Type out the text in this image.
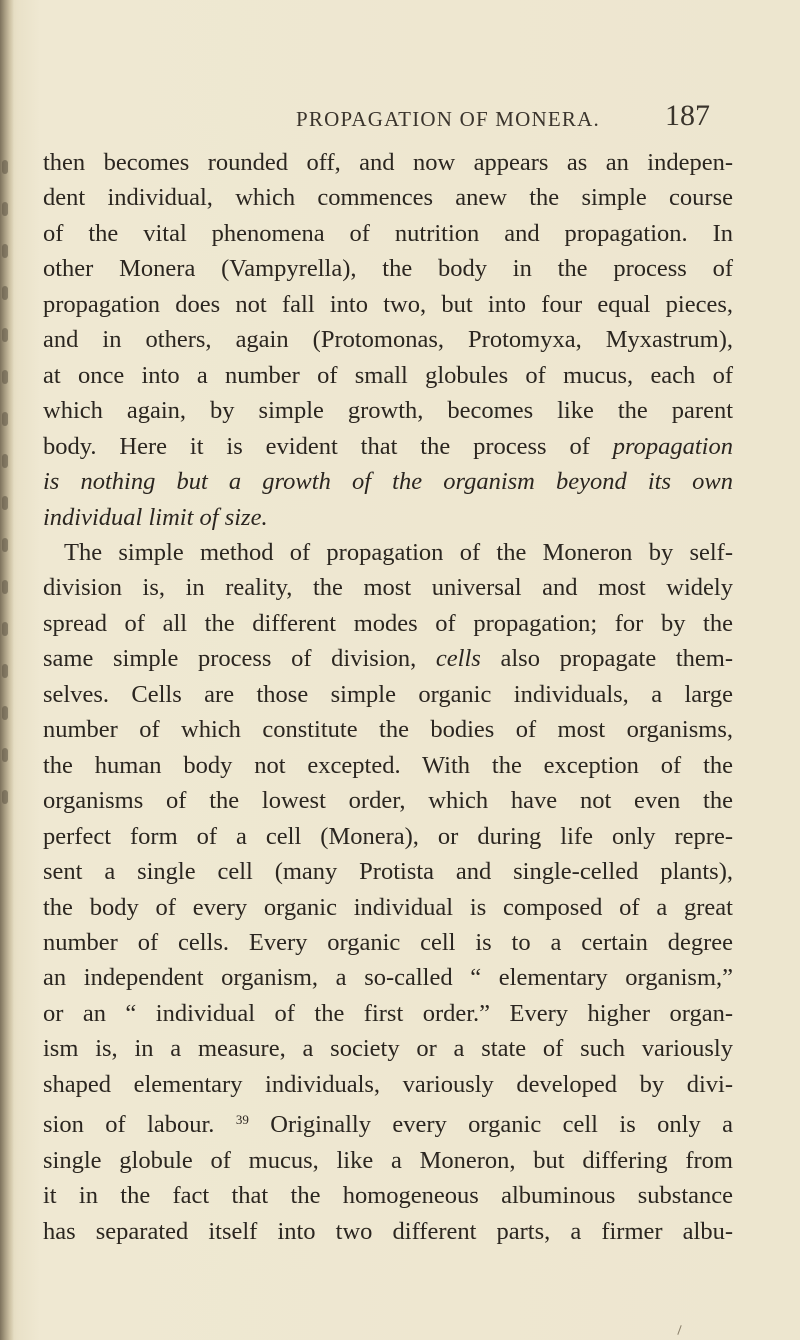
PROPAGATION OF MONERA. 187
then becomes rounded off, and now appears as an indepen-
dent individual, which commences anew the simple course
of the vital phenomena of nutrition and propagation. In
other Monera (Vampyrella), the body in the process of
propagation does not fall into two, but into four equal pieces,
and in others, again (Protomonas, Protomyxa, Myxastrum),
at once into a number of small globules of mucus, each of
which again, by simple growth, becomes like the parent
body. Here it is evident that the process of propagation
is nothing but a growth of the organism beyond its own
individual limit of size.
The simple method of propagation of the Moneron by self-
division is, in reality, the most universal and most widely
spread of all the different modes of propagation; for by the
same simple process of division, cells also propagate them-
selves. Cells are those simple organic individuals, a large
number of which constitute the bodies of most organisms,
the human body not excepted. With the exception of the
organisms of the lowest order, which have not even the
perfect form of a cell (Monera), or during life only repre-
sent a single cell (many Protista and single-celled plants),
the body of every organic individual is composed of a great
number of cells. Every organic cell is to a certain degree
an independent organism, a so-called “ elementary organism,”
or an “ individual of the first order.” Every higher organ-
ism is, in a measure, a society or a state of such variously
shaped elementary individuals, variously developed by divi-
sion of labour. $^{39}$ Originally every organic cell is only a
single globule of mucus, like a Moneron, but differing from
it in the fact that the homogeneous albuminous substance
has separated itself into two different parts, a firmer albu-
